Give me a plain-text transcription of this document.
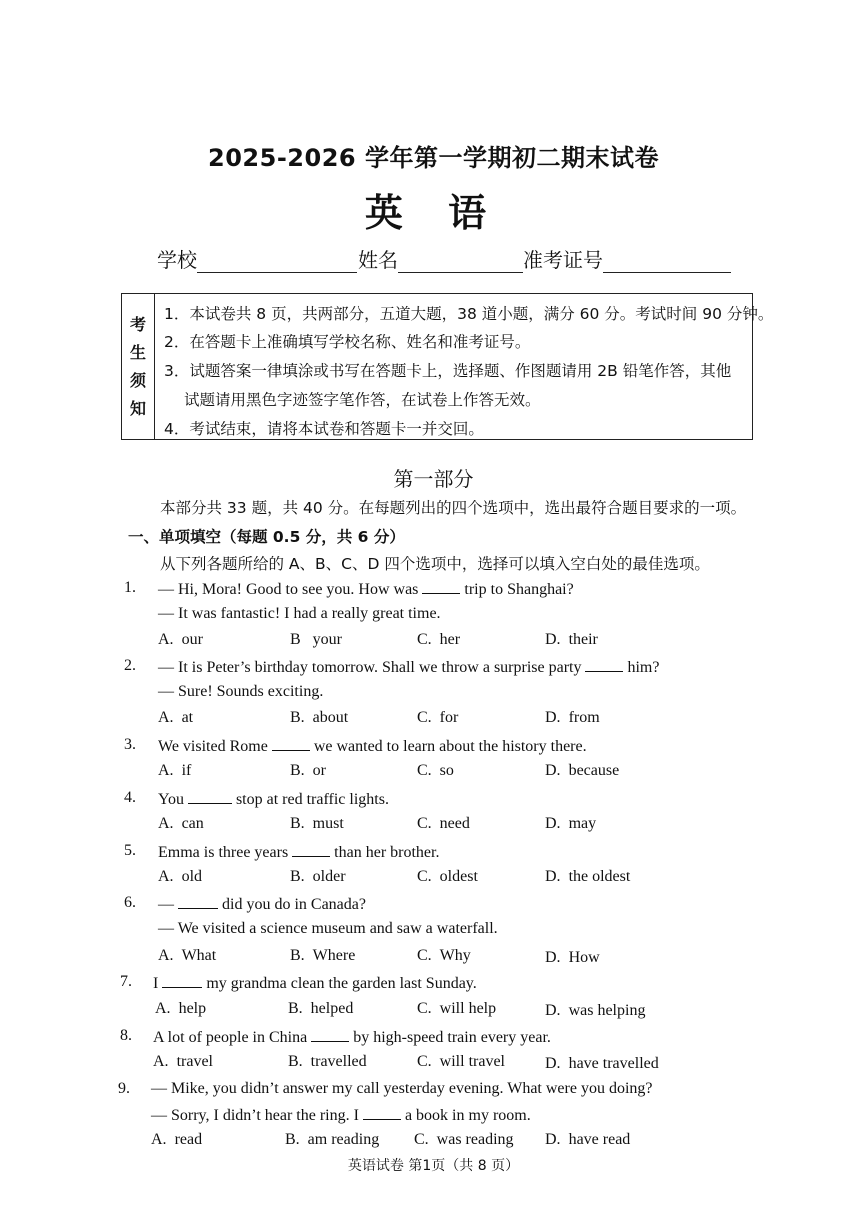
2025-2026 学年第一学期初二期末试卷
英 语
学校	姓名	准考证号
考
生
须
知
1．本试卷共 8 页，共两部分，五道大题，38 道小题，满分 60 分。考试时间 90 分钟。
2．在答题卡上准确填写学校名称、姓名和准考证号。
3．试题答案一律填涂或书写在答题卡上，选择题、作图题请用 2B 铅笔作答，其他
试题请用黑色字迹签字笔作答，在试卷上作答无效。
4．考试结束，请将本试卷和答题卡一并交回。
第一部分
本部分共 33 题，共 40 分。在每题列出的四个选项中，选出最符合题目要求的一项。
一、单项填空（每题 0.5 分，共 6 分）
从下列各题所给的 A、B、C、D 四个选项中，选择可以填入空白处的最佳选项。
1. — Hi, Mora! Good to see you. How was	trip to Shanghai?
— It was fantastic! I had a really great time.
A. our	B your	C. her	D. their
2. — It is Peter’s birthday tomorrow. Shall we throw a surprise party	him?
— Sure! Sounds exciting.
A. at	B. about	C. for	D. from
3. We visited Rome	we wanted to learn about the history there.
A. if	B. or	C. so	D. because
4. You	stop at red traffic lights.
A. can	B. must	C. need	D. may
5. Emma is three years	than her brother.
A. old	B. older	C. oldest	D. the oldest
6. —	did you do in Canada?
— We visited a science museum and saw a waterfall.
A. What	B. Where	C. Why	D. How
7. I	my grandma clean the garden last Sunday.
A. help	B. helped	C. will help	D. was helping
8. A lot of people in China	by high-speed train every year.
A. travel	B. travelled	C. will travel	D. have travelled
9. — Mike, you didn’t answer my call yesterday evening. What were you doing?
— Sorry, I didn’t hear the ring. I	a book in my room.
A. read	B. am reading C. was reading D. have read
英语试卷 第1页（共 8 页）
